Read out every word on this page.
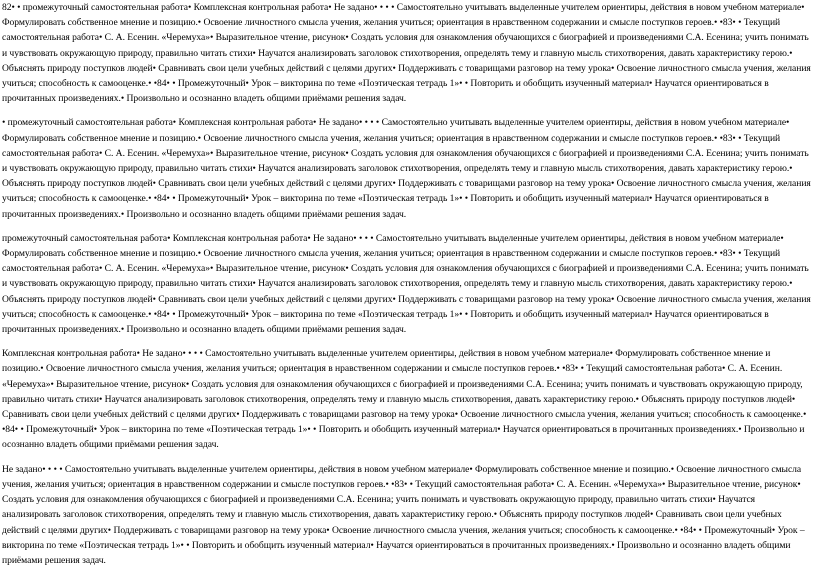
82• • промежуточный самостоятельная работа• Комплексная контрольная работа• Не задано• • • • Самостоятельно учитывать выделенные учителем ориентиры, действия в новом учебном материале• Формулировать собственное мнение и позицию.• Освоение личностного смысла учения, желания учиться; ориентация в нравственном содержании и смысле поступков героев.• •83• • Текущий самостоятельная работа• С. А. Есенин. «Черемуха»• Выразительное чтение, рисунок• Создать условия для ознакомления обучающихся с биографией и произведениями С.А. Есенина; учить понимать и чувствовать окружающую природу, правильно читать стихи• Научатся анализировать заголовок стихотворения, определять тему и главную мысль стихотворения, давать характеристику герою.• Объяснять природу поступков людей• Сравнивать свои цели учебных действий с целями других• Поддерживать с товарищами разговор на тему урока• Освоение личностного смысла учения, желания учиться; способность к самооценке.• •84• • Промежуточный• Урок – викторина по теме «Поэтическая тетрадь 1»• • Повторить и обобщить изученный материал• Научатся ориентироваться в прочитанных произведениях.• Произвольно и осознанно владеть общими приёмами решения задач.

• промежуточный самостоятельная работа• Комплексная контрольная работа• Не задано• • • • Самостоятельно учитывать выделенные учителем ориентиры, действия в новом учебном материале• Формулировать собственное мнение и позицию.• Освоение личностного смысла учения, желания учиться; ориентация в нравственном содержании и смысле поступков героев.• •83• • Текущий самостоятельная работа• С. А. Есенин. «Черемуха»• Выразительное чтение, рисунок• Создать условия для ознакомления обучающихся с биографией и произведениями С.А. Есенина; учить понимать и чувствовать окружающую природу, правильно читать стихи• Научатся анализировать заголовок стихотворения, определять тему и главную мысль стихотворения, давать характеристику герою.• Объяснять природу поступков людей• Сравнивать свои цели учебных действий с целями других• Поддерживать с товарищами разговор на тему урока• Освоение личностного смысла учения, желания учиться; способность к самооценке.• •84• • Промежуточный• Урок – викторина по теме «Поэтическая тетрадь 1»• • Повторить и обобщить изученный материал• Научатся ориентироваться в прочитанных произведениях.• Произвольно и осознанно владеть общими приёмами решения задач.

промежуточный самостоятельная работа• Комплексная контрольная работа• Не задано• • • • Самостоятельно учитывать выделенные учителем ориентиры, действия в новом учебном материале• Формулировать собственное мнение и позицию.• Освоение личностного смысла учения, желания учиться; ориентация в нравственном содержании и смысле поступков героев.• •83• • Текущий самостоятельная работа• С. А. Есенин. «Черемуха»• Выразительное чтение, рисунок• Создать условия для ознакомления обучающихся с биографией и произведениями С.А. Есенина; учить понимать и чувствовать окружающую природу, правильно читать стихи• Научатся анализировать заголовок стихотворения, определять тему и главную мысль стихотворения, давать характеристику герою.• Объяснять природу поступков людей• Сравнивать свои цели учебных действий с целями других• Поддерживать с товарищами разговор на тему урока• Освоение личностного смысла учения, желания учиться; способность к самооценке.• •84• • Промежуточный• Урок – викторина по теме «Поэтическая тетрадь 1»• • Повторить и обобщить изученный материал• Научатся ориентироваться в прочитанных произведениях.• Произвольно и осознанно владеть общими приёмами решения задач.

Комплексная контрольная работа• Не задано• • • • Самостоятельно учитывать выделенные учителем ориентиры, действия в новом учебном материале• Формулировать собственное мнение и позицию.• Освоение личностного смысла учения, желания учиться; ориентация в нравственном содержании и смысле поступков героев.• •83• • Текущий самостоятельная работа• С. А. Есенин. «Черемуха»• Выразительное чтение, рисунок• Создать условия для ознакомления обучающихся с биографией и произведениями С.А. Есенина; учить понимать и чувствовать окружающую природу, правильно читать стихи• Научатся анализировать заголовок стихотворения, определять тему и главную мысль стихотворения, давать характеристику герою.• Объяснять природу поступков людей• Сравнивать свои цели учебных действий с целями других• Поддерживать с товарищами разговор на тему урока• Освоение личностного смысла учения, желания учиться; способность к самооценке.• •84• • Промежуточный• Урок – викторина по теме «Поэтическая тетрадь 1»• • Повторить и обобщить изученный материал• Научатся ориентироваться в прочитанных произведениях.• Произвольно и осознанно владеть общими приёмами решения задач.

Не задано• • • • Самостоятельно учитывать выделенные учителем ориентиры, действия в новом учебном материале• Формулировать собственное мнение и позицию.• Освоение личностного смысла учения, желания учиться; ориентация в нравственном содержании и смысле поступков героев.• •83• • Текущий самостоятельная работа• С. А. Есенин. «Черемуха»• Выразительное чтение, рисунок• Создать условия для ознакомления обучающихся с биографией и произведениями С.А. Есенина; учить понимать и чувствовать окружающую природу, правильно читать стихи• Научатся анализировать заголовок стихотворения, определять тему и главную мысль стихотворения, давать характеристику герою.• Объяснять природу поступков людей• Сравнивать свои цели учебных действий с целями других• Поддерживать с товарищами разговор на тему урока• Освоение личностного смысла учения, желания учиться; способность к самооценке.• •84• • Промежуточный• Урок – викторина по теме «Поэтическая тетрадь 1»• • Повторить и обобщить изученный материал• Научатся ориентироваться в прочитанных произведениях.• Произвольно и осознанно владеть общими приёмами решения задач.
